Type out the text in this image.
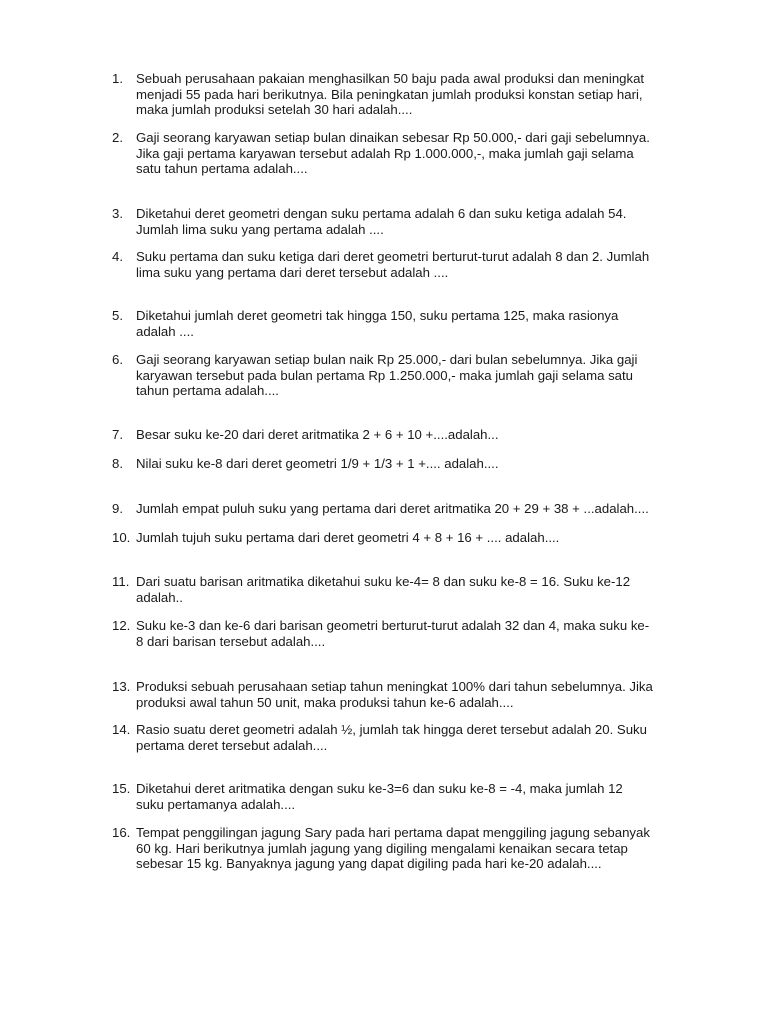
1. Sebuah perusahaan pakaian menghasilkan 50 baju pada awal produksi dan meningkat
menjadi 55 pada hari berikutnya. Bila peningkatan jumlah produksi konstan setiap hari,
maka jumlah produksi setelah 30 hari adalah....
2. Gaji seorang karyawan setiap bulan dinaikan sebesar Rp 50.000,- dari gaji sebelumnya.
Jika gaji pertama karyawan tersebut adalah Rp 1.000.000,-, maka jumlah gaji selama
satu tahun pertama adalah....
3. Diketahui deret geometri dengan suku pertama adalah 6 dan suku ketiga adalah 54.
Jumlah lima suku yang pertama adalah ....
4. Suku pertama dan suku ketiga dari deret geometri berturut-turut adalah 8 dan 2. Jumlah
lima suku yang pertama dari deret tersebut adalah ....
5. Diketahui jumlah deret geometri tak hingga 150, suku pertama 125, maka rasionya
adalah ....
6. Gaji seorang karyawan setiap bulan naik Rp 25.000,- dari bulan sebelumnya. Jika gaji
karyawan tersebut pada bulan pertama Rp 1.250.000,- maka jumlah gaji selama satu
tahun pertama adalah....
7. Besar suku ke-20 dari deret aritmatika 2 + 6 + 10 +....adalah...
8. Nilai suku ke-8 dari deret geometri 1/9 + 1/3 + 1 +.... adalah....
9. Jumlah empat puluh suku yang pertama dari deret aritmatika 20 + 29 + 38 + ...adalah....
10. Jumlah tujuh suku pertama dari deret geometri 4 + 8 + 16 + .... adalah....
11. Dari suatu barisan aritmatika diketahui suku ke-4= 8 dan suku ke-8 = 16. Suku ke-12
adalah..
12. Suku ke-3 dan ke-6 dari barisan geometri berturut-turut adalah 32 dan 4, maka suku ke-
8 dari barisan tersebut adalah....
13. Produksi sebuah perusahaan setiap tahun meningkat 100% dari tahun sebelumnya. Jika
produksi awal tahun 50 unit, maka produksi tahun ke-6 adalah....
14. Rasio suatu deret geometri adalah ½, jumlah tak hingga deret tersebut adalah 20. Suku
pertama deret tersebut adalah....
15. Diketahui deret aritmatika dengan suku ke-3=6 dan suku ke-8 = -4, maka jumlah 12
suku pertamanya adalah....
16. Tempat penggilingan jagung Sary pada hari pertama dapat menggiling jagung sebanyak
60 kg. Hari berikutnya jumlah jagung yang digiling mengalami kenaikan secara tetap
sebesar 15 kg. Banyaknya jagung yang dapat digiling pada hari ke-20 adalah....
